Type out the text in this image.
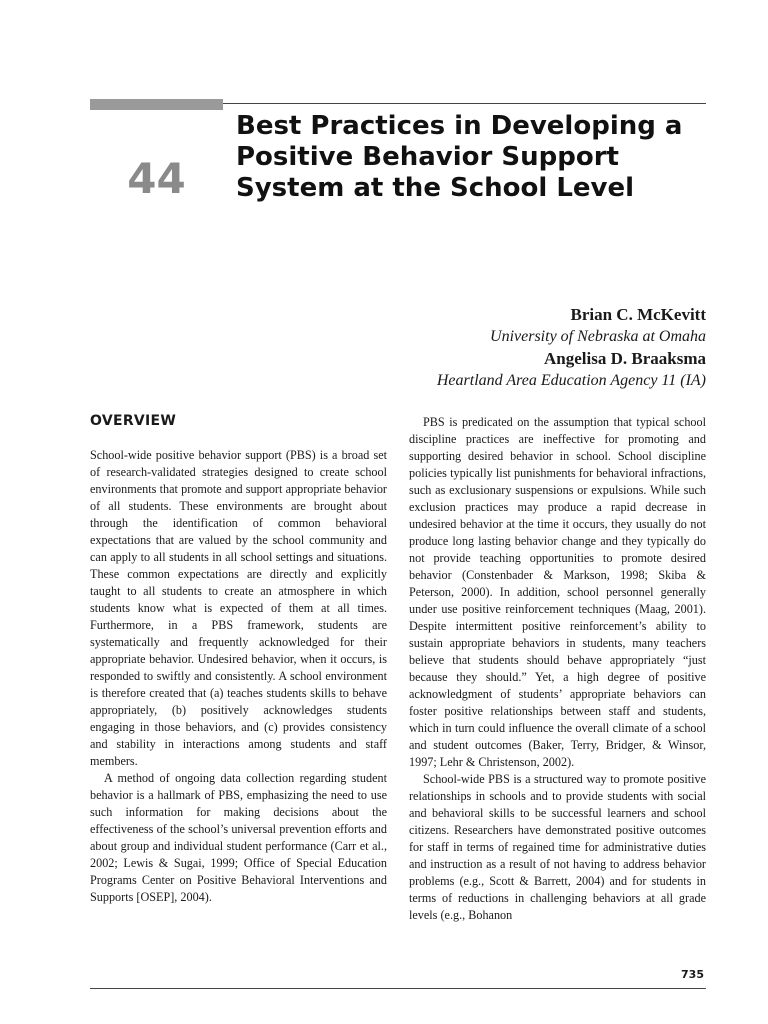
44
Best Practices in Developing a
Positive Behavior Support
System at the School Level
Brian C. McKevitt
University of Nebraska at Omaha
Angelisa D. Braaksma
Heartland Area Education Agency 11 (IA)
OVERVIEW

School-wide positive behavior support (PBS) is a broad set of research-validated strategies designed to create school environments that promote and support appropriate behavior of all students. These environments are brought about through the identification of common behavioral expectations that are valued by the school community and can apply to all students in all school settings and situations. These common expectations are directly and explicitly taught to all students to create an atmosphere in which students know what is expected of them at all times. Furthermore, in a PBS framework, students are systematically and frequently acknowledged for their appropriate behavior. Undesired behavior, when it occurs, is responded to swiftly and consistently. A school environment is therefore created that (a) teaches students skills to behave appropriately, (b) positively acknowledges students engaging in those behaviors, and (c) provides consistency and stability in interactions among students and staff members.

A method of ongoing data collection regarding student behavior is a hallmark of PBS, emphasizing the need to use such information for making decisions about the effectiveness of the school’s universal prevention efforts and about group and individual student performance (Carr et al., 2002; Lewis & Sugai, 1999; Office of Special Education Programs Center on Positive Behavioral Interventions and Supports [OSEP], 2004).

PBS is predicated on the assumption that typical school discipline practices are ineffective for promoting and supporting desired behavior in school. School discipline policies typically list punishments for behavioral infractions, such as exclusionary suspensions or expulsions. While such exclusion practices may produce a rapid decrease in undesired behavior at the time it occurs, they usually do not produce long lasting behavior change and they typically do not provide teaching opportunities to promote desired behavior (Constenbader & Markson, 1998; Skiba & Peterson, 2000). In addition, school personnel generally under use positive reinforcement techniques (Maag, 2001). Despite intermittent positive reinforcement’s ability to sustain appropriate behaviors in students, many teachers believe that students should behave appropriately “just because they should.” Yet, a high degree of positive acknowledgment of students’ appropriate behaviors can foster positive relationships between staff and students, which in turn could influence the overall climate of a school and student outcomes (Baker, Terry, Bridger, & Winsor, 1997; Lehr & Christenson, 2002).

School-wide PBS is a structured way to promote positive relationships in schools and to provide students with social and behavioral skills to be successful learners and school citizens. Researchers have demonstrated positive outcomes for staff in terms of regained time for administrative duties and instruction as a result of not having to address behavior problems (e.g., Scott & Barrett, 2004) and for students in terms of reductions in challenging behaviors at all grade levels (e.g., Bohanon

735
